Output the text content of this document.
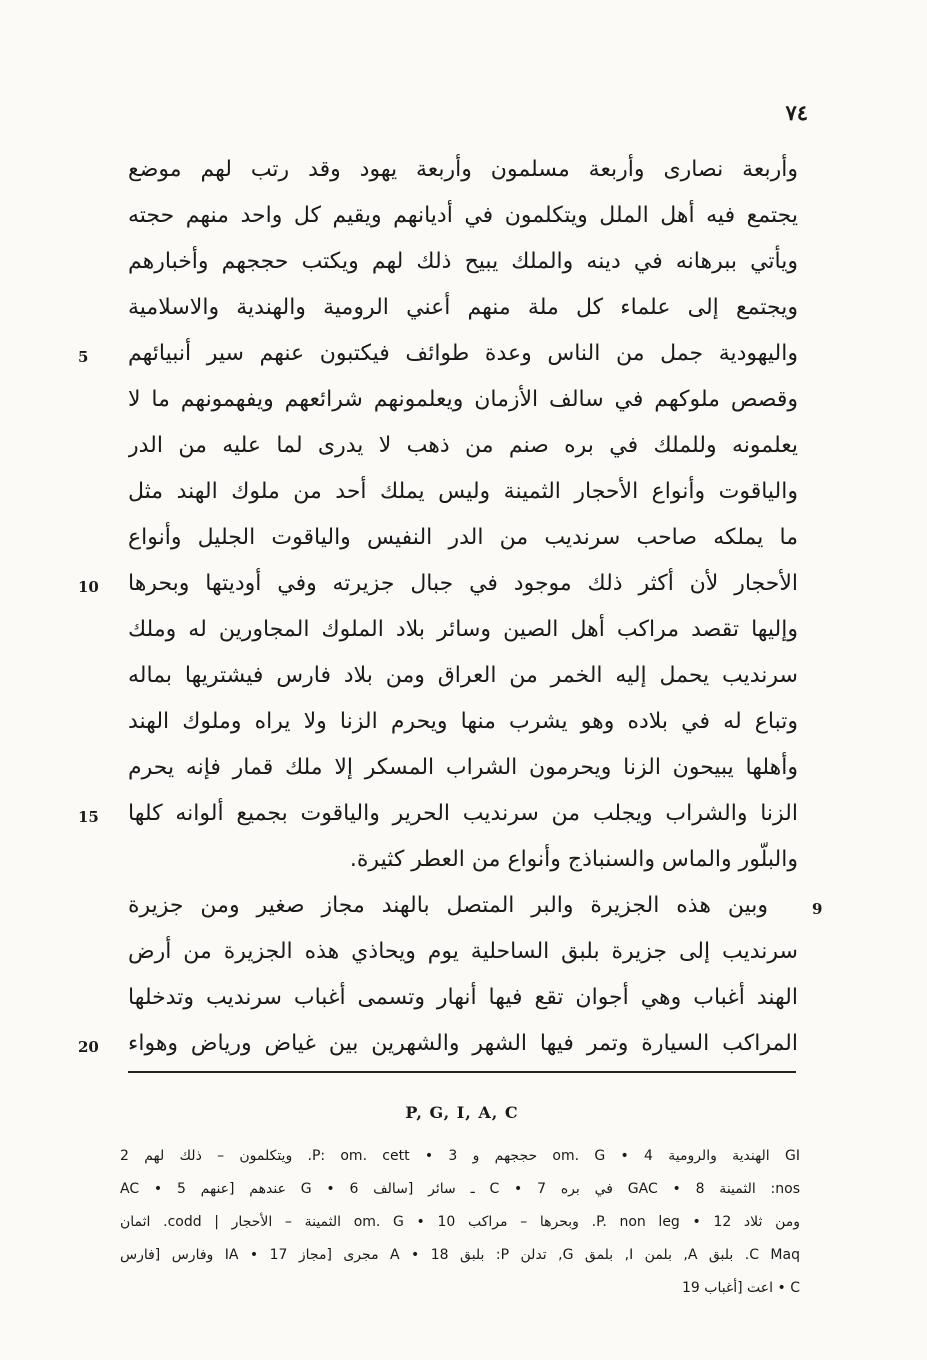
٧٤
وأربعة نصارى وأربعة مسلمون وأربعة يهود وقد رتب لهم موضع
يجتمع فيه أهل الملل ويتكلمون في أديانهم ويقيم كل واحد منهم حجته
ويأتي ببرهانه في دينه والملك يبيح ذلك لهم ويكتب حججهم وأخبارهم
ويجتمع إلى علماء كل ملة منهم أعني الرومية والهندية والاسلامية
واليهودية جمل من الناس وعدة طوائف فيكتبون عنهم سير أنبيائهم
وقصص ملوكهم في سالف الأزمان ويعلمونهم شرائعهم ويفهمونهم ما لا
يعلمونه وللملك في بره صنم من ذهب لا يدرى لما عليه من الدر
والياقوت وأنواع الأحجار الثمينة وليس يملك أحد من ملوك الهند مثل
ما يملكه صاحب سرنديب من الدر النفيس والياقوت الجليل وأنواع
الأحجار لأن أكثر ذلك موجود في جبال جزيرته وفي أوديتها وبحرها
وإليها تقصد مراكب أهل الصين وسائر بلاد الملوك المجاورين له وملك
سرنديب يحمل إليه الخمر من العراق ومن بلاد فارس فيشتريها بماله
وتباع له في بلاده وهو يشرب منها ويحرم الزنا ولا يراه وملوك الهند
وأهلها يبيحون الزنا ويحرمون الشراب المسكر إلا ملك قمار فإنه يحرم
الزنا والشراب ويجلب من سرنديب الحرير والياقوت بجميع ألوانه كلها
والبلّور والماس والسنباذج وأنواع من العطر كثيرة.
وبين هذه الجزيرة والبر المتصل بالهند مجاز صغير ومن جزيرة
سرنديب إلى جزيرة بلبق الساحلية يوم ويحاذي هذه الجزيرة من أرض
الهند أغباب وهي أجوان تقع فيها أنهار وتسمى أغباب سرنديب وتدخلها
المراكب السيارة وتمر فيها الشهر والشهرين بين غياض ورياض وهواء
5
10
15
9
20
P, G, I, A, C
GI الهندية والرومية 4 • om. G حججهم و 3 • P: om. cett. ويتكلمون – ذلك لهم 2
nos: الثمينة 8 • GAC في بره 7 • C ـ سائر [سالف 6 • G عندهم [عنهم 5 • AC
ومن ثلاد 12 • P. non leg. وبحرها – مراكب 10 • om. G الثمينة – الأحجار | codd. اثمان
C Maq. بلبق A, بلمن I, بلمق G, تدلن P: بلبق 18 • A مجرى [مجاز 17 • IA وفارس [فارس
C • اعت [أغباب 19
